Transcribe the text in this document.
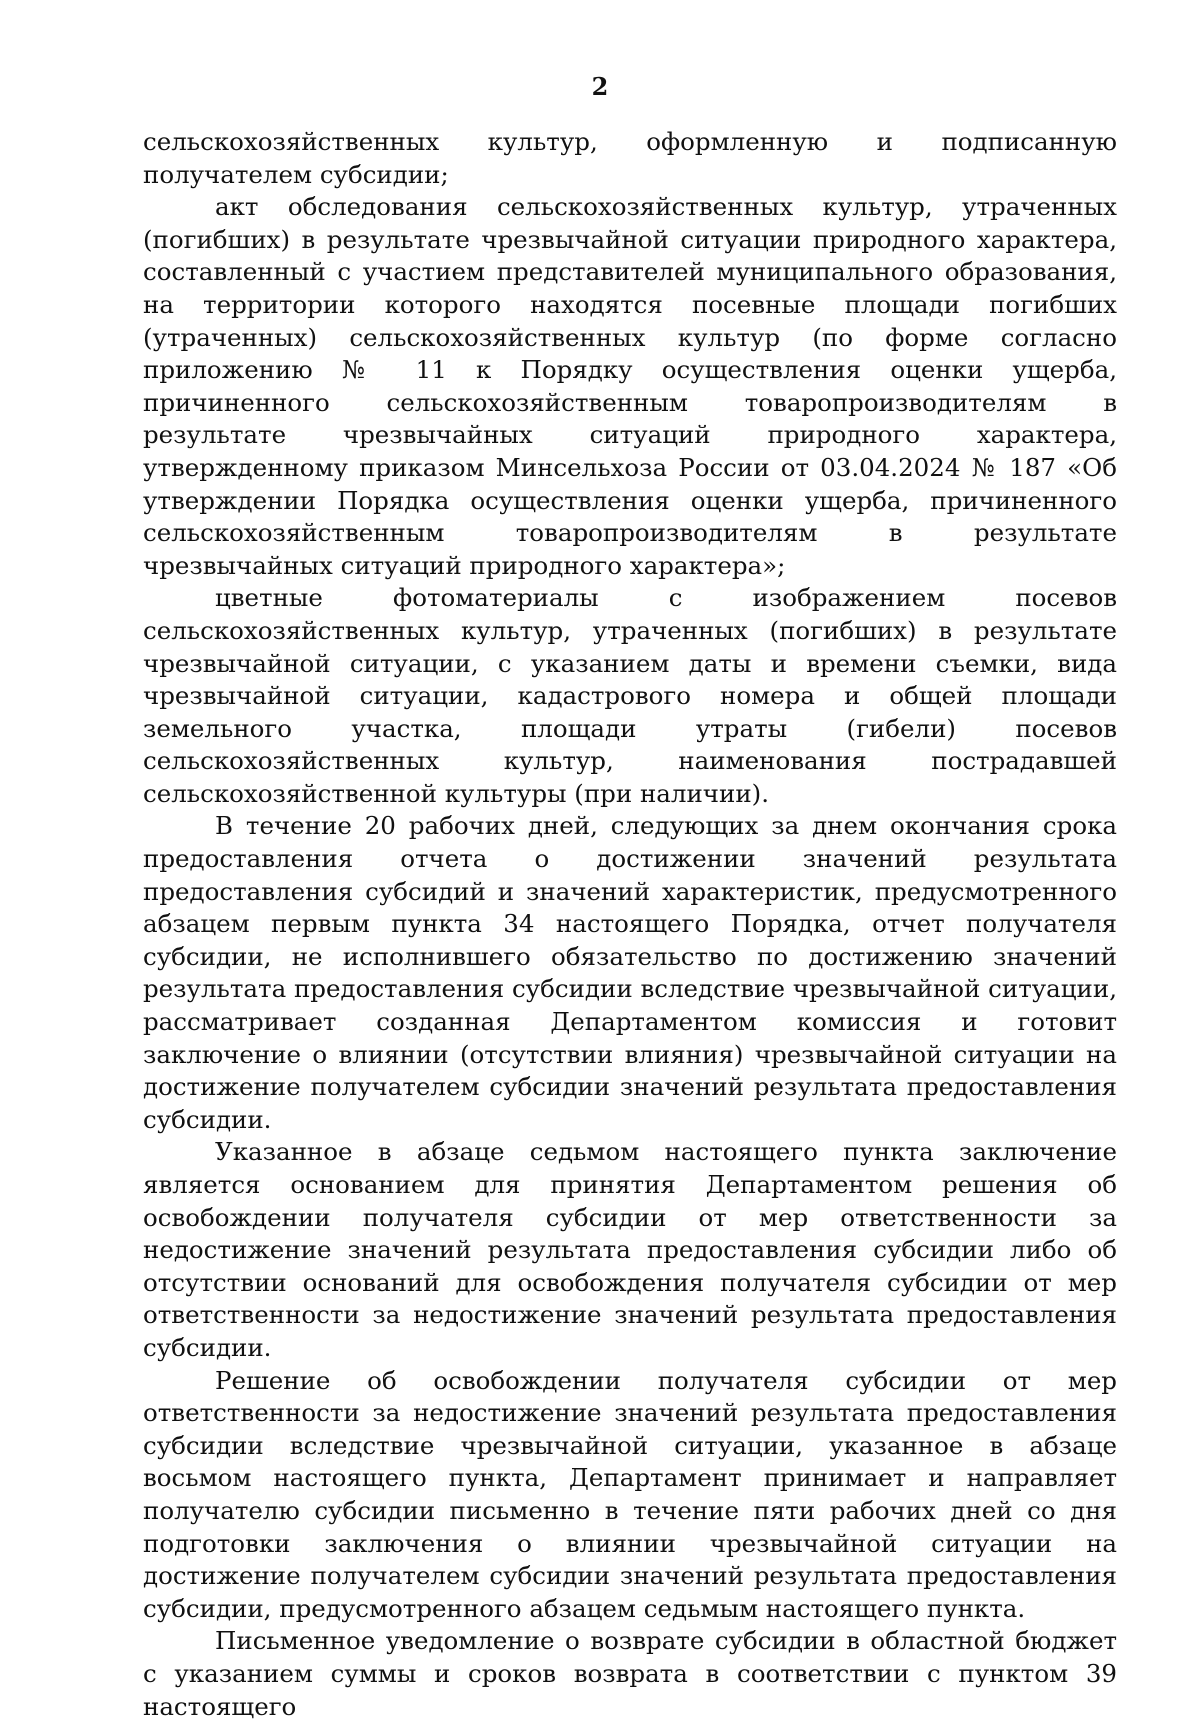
2

сельскохозяйственных культур, оформленную и подписанную получателем субсидии;

акт обследования сельскохозяйственных культур, утраченных (погибших) в результате чрезвычайной ситуации природного характера, составленный с участием представителей муниципального образования, на территории которого находятся посевные площади погибших (утраченных) сельскохозяйственных культур (по форме согласно приложению № 11 к Порядку осуществления оценки ущерба, причиненного сельскохозяйственным товаропроизводителям в результате чрезвычайных ситуаций природного характера, утвержденному приказом Минсельхоза России от 03.04.2024 № 187 «Об утверждении Порядка осуществления оценки ущерба, причиненного сельскохозяйственным товаропроизводителям в результате чрезвычайных ситуаций природного характера»;

цветные фотоматериалы с изображением посевов сельскохозяйственных культур, утраченных (погибших) в результате чрезвычайной ситуации, с указанием даты и времени съемки, вида чрезвычайной ситуации, кадастрового номера и общей площади земельного участка, площади утраты (гибели) посевов сельскохозяйственных культур, наименования пострадавшей сельскохозяйственной культуры (при наличии).

В течение 20 рабочих дней, следующих за днем окончания срока предоставления отчета о достижении значений результата предоставления субсидий и значений характеристик, предусмотренного абзацем первым пункта 34 настоящего Порядка, отчет получателя субсидии, не исполнившего обязательство по достижению значений результата предоставления субсидии вследствие чрезвычайной ситуации, рассматривает созданная Департаментом комиссия и готовит заключение о влиянии (отсутствии влияния) чрезвычайной ситуации на достижение получателем субсидии значений результата предоставления субсидии.

Указанное в абзаце седьмом настоящего пункта заключение является основанием для принятия Департаментом решения об освобождении получателя субсидии от мер ответственности за недостижение значений результата предоставления субсидии либо об отсутствии оснований для освобождения получателя субсидии от мер ответственности за недостижение значений результата предоставления субсидии.

Решение об освобождении получателя субсидии от мер ответственности за недостижение значений результата предоставления субсидии вследствие чрезвычайной ситуации, указанное в абзаце восьмом настоящего пункта, Департамент принимает и направляет получателю субсидии письменно в течение пяти рабочих дней со дня подготовки заключения о влиянии чрезвычайной ситуации на достижение получателем субсидии значений результата предоставления субсидии, предусмотренного абзацем седьмым настоящего пункта.

Письменное уведомление о возврате субсидии в областной бюджет с указанием суммы и сроков возврата в соответствии с пунктом 39 настоящего
